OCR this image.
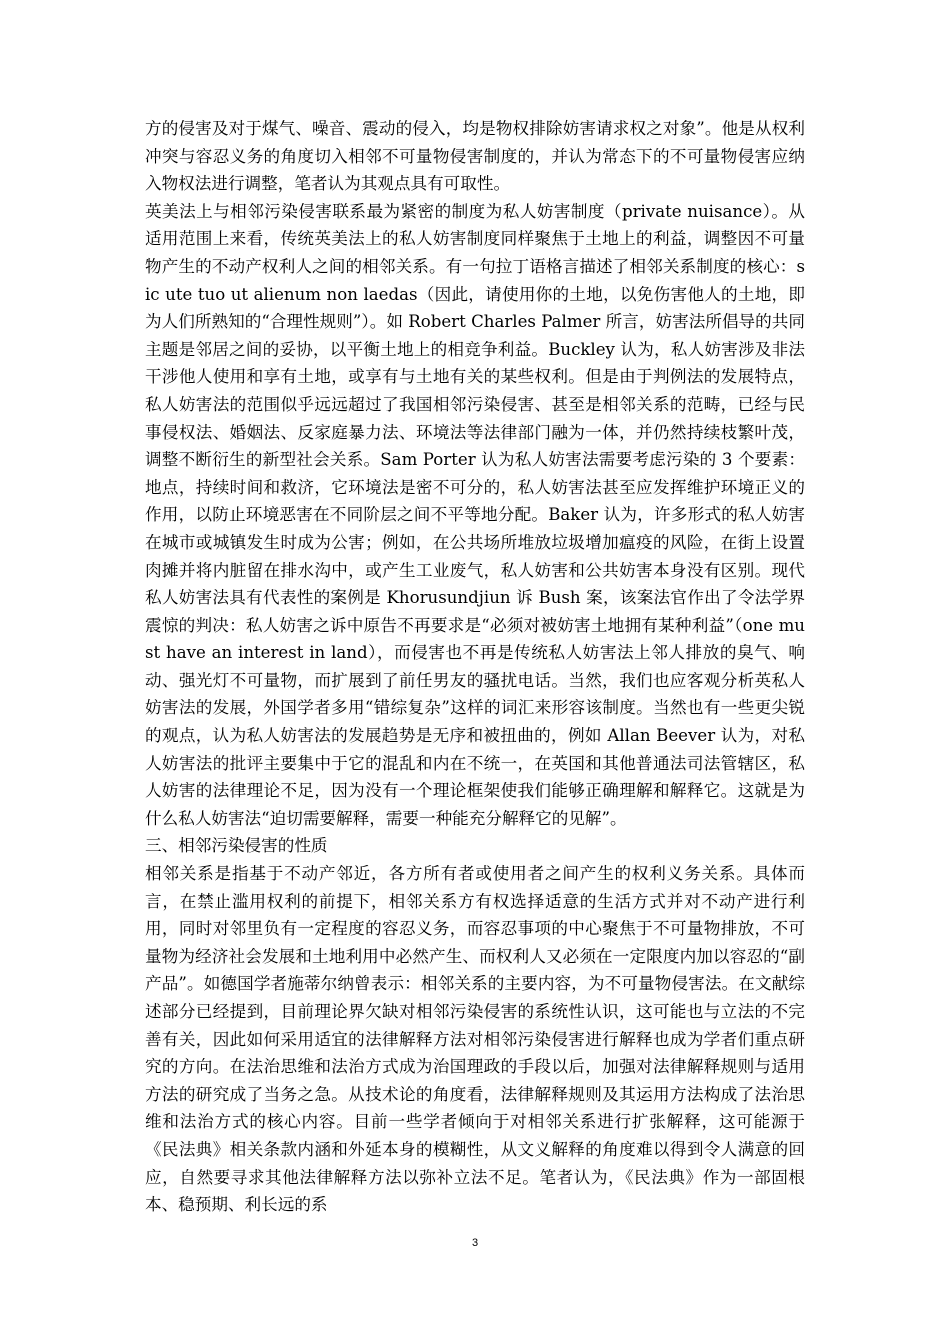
方的侵害及对于煤气、噪音、震动的侵入，均是物权排除妨害请求权之对象”。他是从权利冲突与容忍义务的角度切入相邻不可量物侵害制度的，并认为常态下的不可量物侵害应纳入物权法进行调整，笔者认为其观点具有可取性。

英美法上与相邻污染侵害联系最为紧密的制度为私人妨害制度（private nuisance）。从适用范围上来看，传统英美法上的私人妨害制度同样聚焦于土地上的利益，调整因不可量物产生的不动产权利人之间的相邻关系。有一句拉丁语格言描述了相邻关系制度的核心：sic ute tuo ut alienum non laedas（因此，请使用你的土地，以免伤害他人的土地，即为人们所熟知的“合理性规则”）。如 Robert Charles Palmer 所言，妨害法所倡导的共同主题是邻居之间的妥协，以平衡土地上的相竞争利益。Buckley 认为，私人妨害涉及非法干涉他人使用和享有土地，或享有与土地有关的某些权利。但是由于判例法的发展特点，私人妨害法的范围似乎远远超过了我国相邻污染侵害、甚至是相邻关系的范畴，已经与民事侵权法、婚姻法、反家庭暴力法、环境法等法律部门融为一体，并仍然持续枝繁叶茂，调整不断衍生的新型社会关系。Sam Porter 认为私人妨害法需要考虑污染的 3 个要素：地点，持续时间和救济，它环境法是密不可分的，私人妨害法甚至应发挥维护环境正义的作用，以防止环境恶害在不同阶层之间不平等地分配。Baker 认为，许多形式的私人妨害在城市或城镇发生时成为公害；例如，在公共场所堆放垃圾增加瘟疫的风险，在街上设置肉摊并将内脏留在排水沟中，或产生工业废气，私人妨害和公共妨害本身没有区别。现代私人妨害法具有代表性的案例是 Khorusundjiun 诉 Bush 案，该案法官作出了令法学界震惊的判决：私人妨害之诉中原告不再要求是“必须对被妨害土地拥有某种利益”（one must have an interest in land），而侵害也不再是传统私人妨害法上邻人排放的臭气、响动、强光灯不可量物，而扩展到了前任男友的骚扰电话。当然，我们也应客观分析英私人妨害法的发展，外国学者多用“错综复杂”这样的词汇来形容该制度。当然也有一些更尖锐的观点，认为私人妨害法的发展趋势是无序和被扭曲的，例如 Allan Beever 认为，对私人妨害法的批评主要集中于它的混乱和内在不统一，在英国和其他普通法司法管辖区，私人妨害的法律理论不足，因为没有一个理论框架使我们能够正确理解和解释它。这就是为什么私人妨害法“迫切需要解释，需要一种能充分解释它的见解”。

三、相邻污染侵害的性质

相邻关系是指基于不动产邻近，各方所有者或使用者之间产生的权利义务关系。具体而言，在禁止滥用权利的前提下，相邻关系方有权选择适意的生活方式并对不动产进行利用，同时对邻里负有一定程度的容忍义务，而容忍事项的中心聚焦于不可量物排放，不可量物为经济社会发展和土地利用中必然产生、而权利人又必须在一定限度内加以容忍的“副产品”。如德国学者施蒂尔纳曾表示：相邻关系的主要内容，为不可量物侵害法。在文献综述部分已经提到，目前理论界欠缺对相邻污染侵害的系统性认识，这可能也与立法的不完善有关，因此如何采用适宜的法律解释方法对相邻污染侵害进行解释也成为学者们重点研究的方向。在法治思维和法治方式成为治国理政的手段以后，加强对法律解释规则与适用方法的研究成了当务之急。从技术论的角度看，法律解释规则及其运用方法构成了法治思维和法治方式的核心内容。目前一些学者倾向于对相邻关系进行扩张解释，这可能源于《民法典》相关条款内涵和外延本身的模糊性，从文义解释的角度难以得到令人满意的回应，自然要寻求其他法律解释方法以弥补立法不足。笔者认为，《民法典》作为一部固根本、稳预期、利长远的系

3
